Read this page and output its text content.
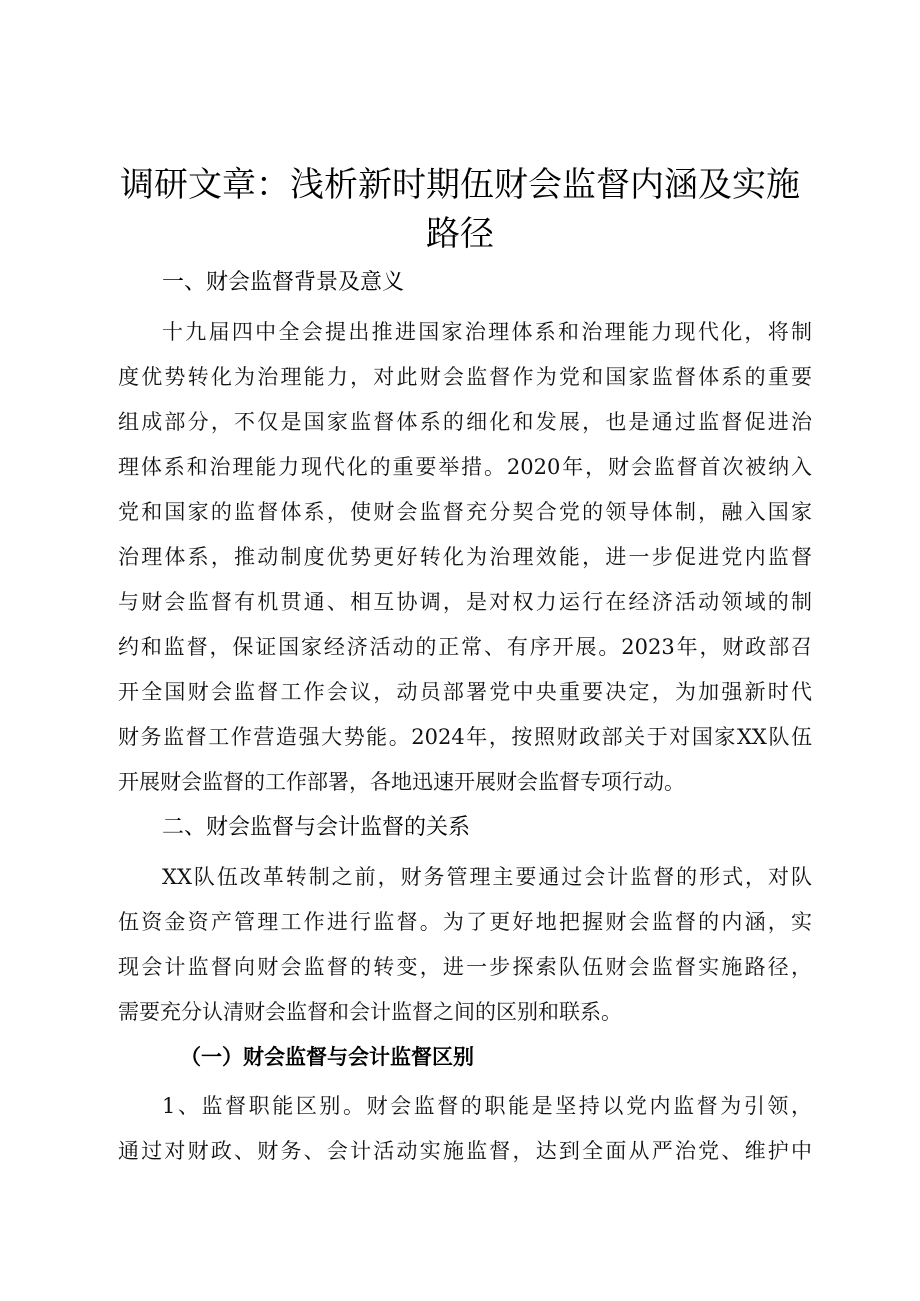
调研文章：浅析新时期伍财会监督内涵及实施
路径
一、财会监督背景及意义
十九届四中全会提出推进国家治理体系和治理能力现代化，将制
度优势转化为治理能力，对此财会监督作为党和国家监督体系的重要
组成部分，不仅是国家监督体系的细化和发展，也是通过监督促进治
理体系和治理能力现代化的重要举措。2020年，财会监督首次被纳入
党和国家的监督体系，使财会监督充分契合党的领导体制，融入国家
治理体系，推动制度优势更好转化为治理效能，进一步促进党内监督
与财会监督有机贯通、相互协调，是对权力运行在经济活动领域的制
约和监督，保证国家经济活动的正常、有序开展。2023年，财政部召
开全国财会监督工作会议，动员部署党中央重要决定，为加强新时代
财务监督工作营造强大势能。2024年，按照财政部关于对国家XX队伍
开展财会监督的工作部署，各地迅速开展财会监督专项行动。
二、财会监督与会计监督的关系
XX队伍改革转制之前，财务管理主要通过会计监督的形式，对队
伍资金资产管理工作进行监督。为了更好地把握财会监督的内涵，实
现会计监督向财会监督的转变，进一步探索队伍财会监督实施路径，
需要充分认清财会监督和会计监督之间的区别和联系。
（一）财会监督与会计监督区别
1、监督职能区别。财会监督的职能是坚持以党内监督为引领，
通过对财政、财务、会计活动实施监督，达到全面从严治党、维护中
